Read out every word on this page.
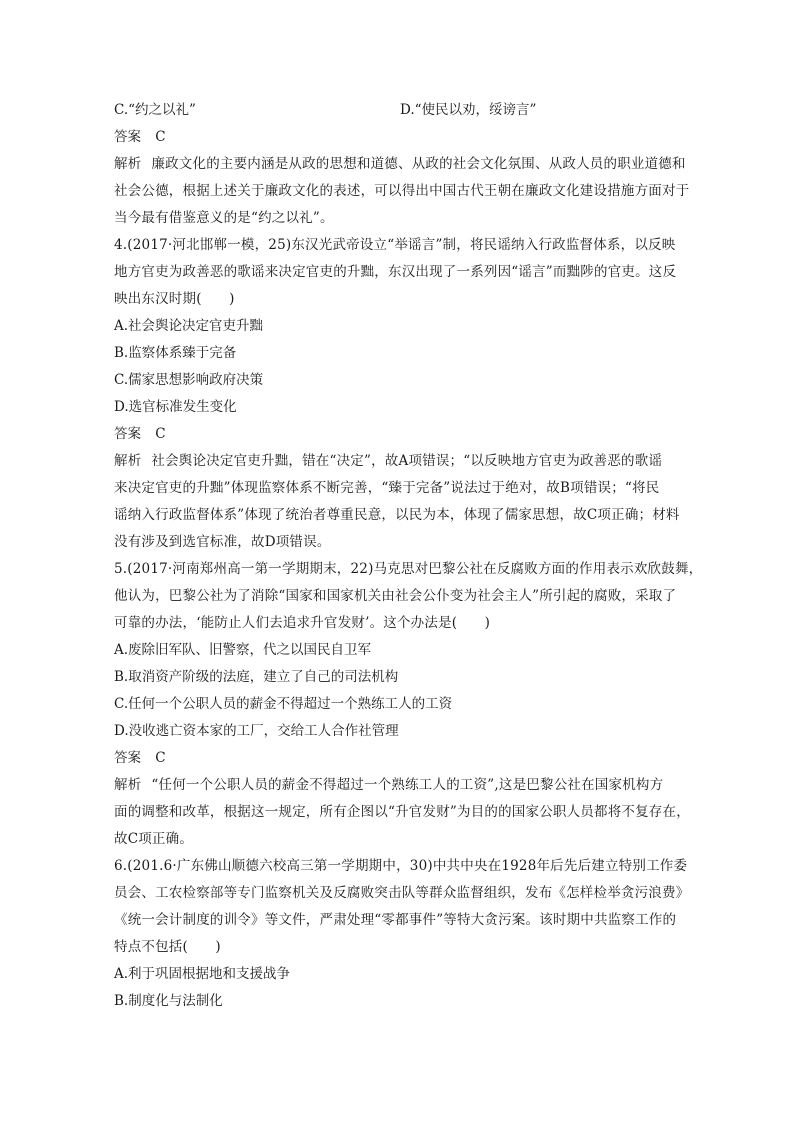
C.“约之以礼”	D.“使民以劝，绥谤言”
答案 C
解析 廉政文化的主要内涵是从政的思想和道德、从政的社会文化氛围、从政人员的职业道德和
社会公德，根据上述关于廉政文化的表述，可以得出中国古代王朝在廉政文化建设措施方面对于
当今最有借鉴意义的是“约之以礼”。
4.(2017·河北邯郸一模，25)东汉光武帝设立“举谣言”制，将民谣纳入行政监督体系，以反映
地方官吏为政善恶的歌谣来决定官吏的升黜，东汉出现了一系列因“谣言”而黜陟的官吏。这反
映出东汉时期(　　)
A.社会舆论决定官吏升黜
B.监察体系臻于完备
C.儒家思想影响政府决策
D.选官标准发生变化
答案 C
解析 社会舆论决定官吏升黜，错在“决定”，故A项错误；“以反映地方官吏为政善恶的歌谣
来决定官吏的升黜”体现监察体系不断完善，“臻于完备”说法过于绝对，故B项错误；“将民
谣纳入行政监督体系”体现了统治者尊重民意，以民为本，体现了儒家思想，故C项正确；材料
没有涉及到选官标准，故D项错误。
5.(2017·河南郑州高一第一学期期末，22)马克思对巴黎公社在反腐败方面的作用表示欢欣鼓舞，
他认为，巴黎公社为了消除“国家和国家机关由社会公仆变为社会主人”所引起的腐败，采取了
可靠的办法，‘能防止人们去追求升官发财’。这个办法是(　　)
A.废除旧军队、旧警察，代之以国民自卫军
B.取消资产阶级的法庭，建立了自己的司法机构
C.任何一个公职人员的薪金不得超过一个熟练工人的工资
D.没收逃亡资本家的工厂，交给工人合作社管理
答案 C
解析 “任何一个公职人员的薪金不得超过一个熟练工人的工资”,这是巴黎公社在国家机构方
面的调整和改革，根据这一规定，所有企图以“升官发财”为目的的国家公职人员都将不复存在，
故C项正确。
6.(201.6·广东佛山顺德六校高三第一学期期中，30)中共中央在1928年后先后建立特别工作委
员会、工农检察部等专门监察机关及反腐败突击队等群众监督组织，发布《怎样检举贪污浪费》
《统一会计制度的训令》等文件，严肃处理“零都事件”等特大贪污案。该时期中共监察工作的
特点不包括(　　)
A.利于巩固根据地和支援战争
B.制度化与法制化
